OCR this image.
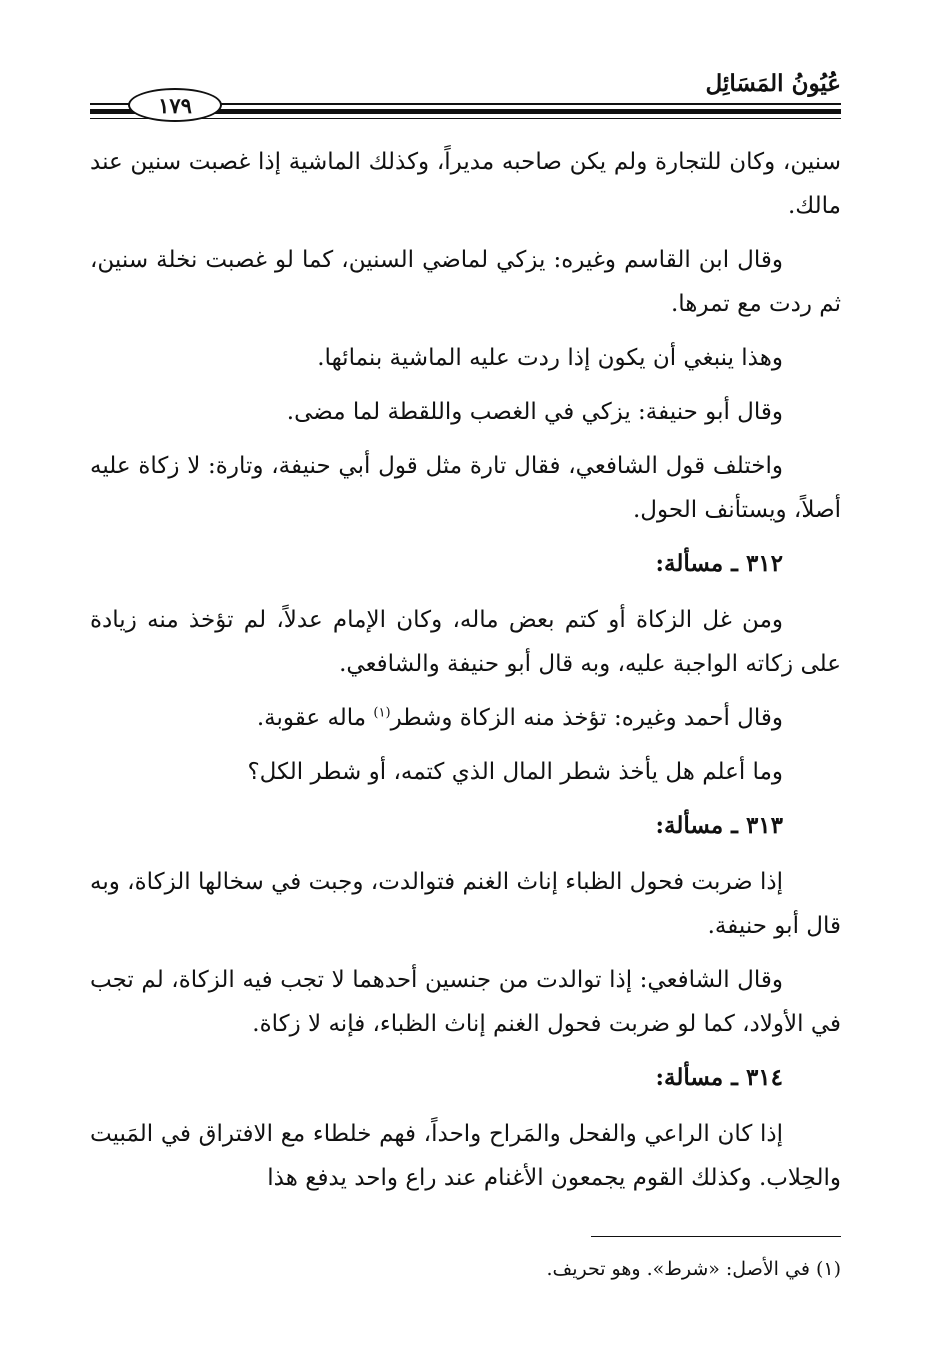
عُيُونُ المَسَائِل
١٧٩

سنين، وكان للتجارة ولم يكن صاحبه مديراً، وكذلك الماشية إذا غصبت سنين عند مالك.

وقال ابن القاسم وغيره: يزكي لماضي السنين، كما لو غصبت نخلة سنين، ثم ردت مع تمرها.

وهذا ينبغي أن يكون إذا ردت عليه الماشية بنمائها.

وقال أبو حنيفة: يزكي في الغصب واللقطة لما مضى.

واختلف قول الشافعي، فقال تارة مثل قول أبي حنيفة، وتارة: لا زكاة عليه أصلاً، ويستأنف الحول.

٣١٢ ـ مسألة:

ومن غل الزكاة أو كتم بعض ماله، وكان الإمام عدلاً، لم تؤخذ منه زيادة على زكاته الواجبة عليه، وبه قال أبو حنيفة والشافعي.

وقال أحمد وغيره: تؤخذ منه الزكاة وشطر$^{(١)}$ ماله عقوبة.

وما أعلم هل يأخذ شطر المال الذي كتمه، أو شطر الكل؟

٣١٣ ـ مسألة:

إذا ضربت فحول الظباء إناث الغنم فتوالدت، وجبت في سخالها الزكاة، وبه قال أبو حنيفة.

وقال الشافعي: إذا توالدت من جنسين أحدهما لا تجب فيه الزكاة، لم تجب في الأولاد، كما لو ضربت فحول الغنم إناث الظباء، فإنه لا زكاة.

٣١٤ ـ مسألة:

إذا كان الراعي والفحل والمَراح واحداً، فهم خلطاء مع الافتراق في المَبيت والحِلاب. وكذلك القوم يجمعون الأغنام عند راع واحد يدفع هذا

(١) في الأصل: «شرط». وهو تحريف.
